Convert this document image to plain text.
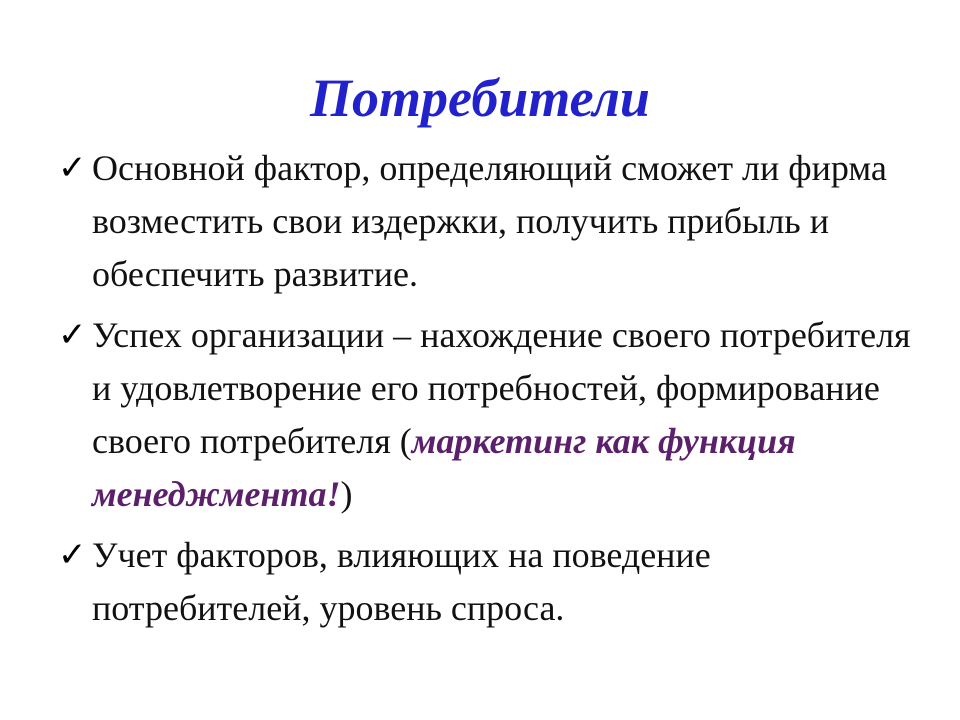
Потребители
✓ Основной фактор, определяющий сможет ли фирма возместить свои издержки, получить прибыль и обеспечить развитие.
✓ Успех организации – нахождение своего потребителя и удовлетворение его потребностей, формирование своего потребителя (маркетинг как функция менеджмента!)
✓ Учет факторов, влияющих на поведение потребителей, уровень спроса.
